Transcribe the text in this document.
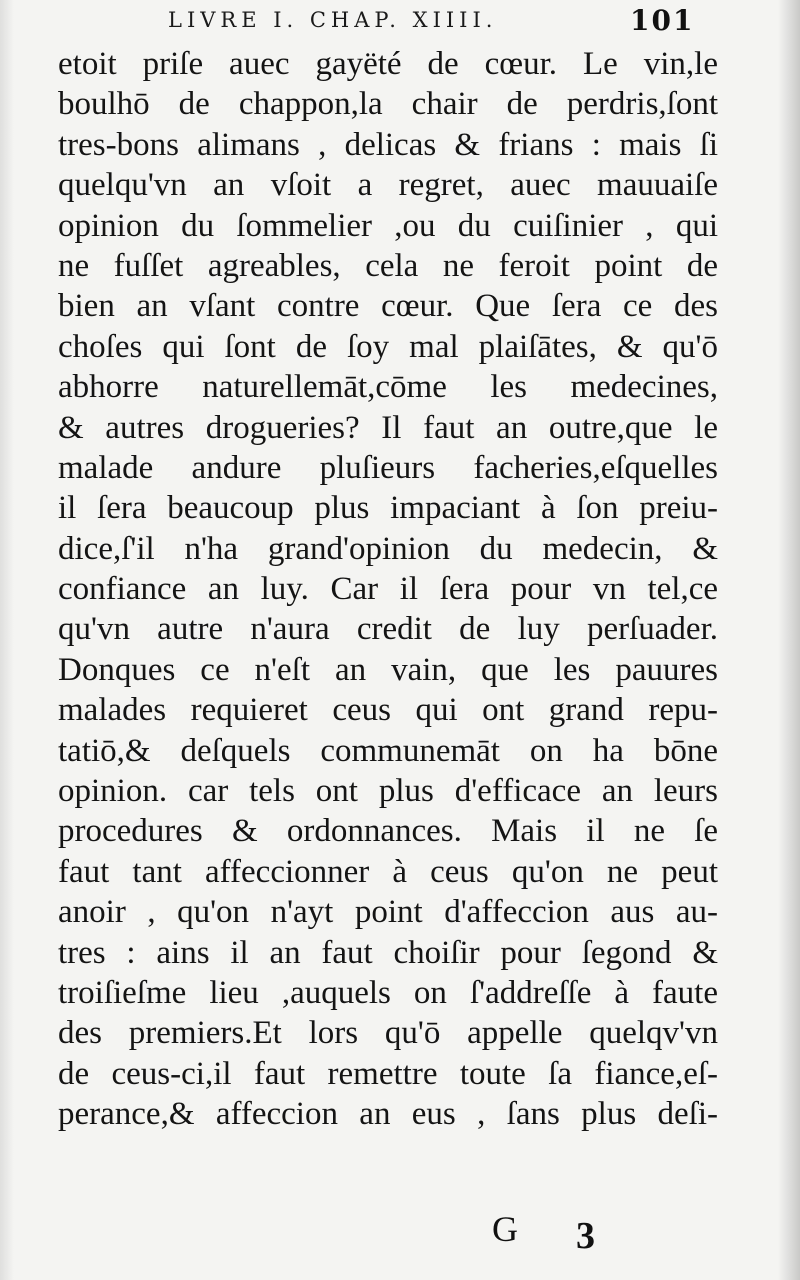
LIVRE I. CHAP. XIIII.	101
etoit priſe auec gayëté de cœur. Le vin,le
boulhō de chappon,la chair de perdris,ſont
tres-bons alimans , delicas & frians : mais ſi
quelqu'vn an vſoit a regret, auec mauuaiſe
opinion du ſommelier ,ou du cuiſinier , qui
ne fuſſet agreables, cela ne feroit point de
bien an vſant contre cœur. Que ſera ce des
choſes qui ſont de ſoy mal plaiſātes, & qu'ō
abhorre naturellemāt,cōme les medecines,
& autres drogueries? Il faut an outre,que le
malade andure pluſieurs facheries,eſquelles
il ſera beaucoup plus impaciant à ſon preiu-
dice,ſ'il n'ha grand'opinion du medecin, &
confiance an luy. Car il ſera pour vn tel,ce
qu'vn autre n'aura credit de luy perſuader.
Donques ce n'eſt an vain, que les pauures
malades requieret ceus qui ont grand repu-
tatiō,& deſquels communemāt on ha bōne
opinion. car tels ont plus d'efficace an leurs
procedures & ordonnances. Mais il ne ſe
faut tant affeccionner à ceus qu'on ne peut
anoir , qu'on n'ayt point d'affeccion aus au-
tres : ains il an faut choiſir pour ſegond &
troiſieſme lieu ,auquels on ſ'addreſſe à faute
des premiers.Et lors qu'ō appelle quelqv'vn
de ceus-ci,il faut remettre toute ſa fiance,eſ-
perance,& affeccion an eus , ſans plus deſi-
G 3
